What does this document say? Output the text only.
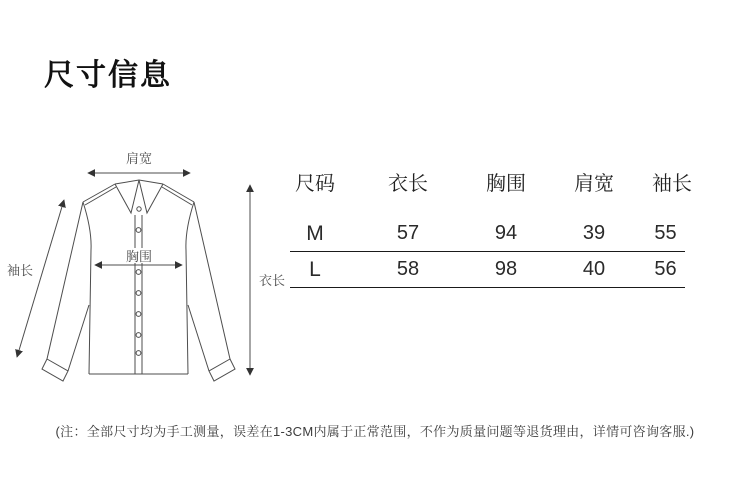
尺寸信息
肩宽
衣长
袖长
胸围
尺码	衣长	胸围	肩宽	袖长
M	57	94	39	55
L	58	98	40	56
(注：全部尺寸均为手工测量，误差在1-3CM内属于正常范围，不作为质量问题等退货理由，详情可咨询客服.)
